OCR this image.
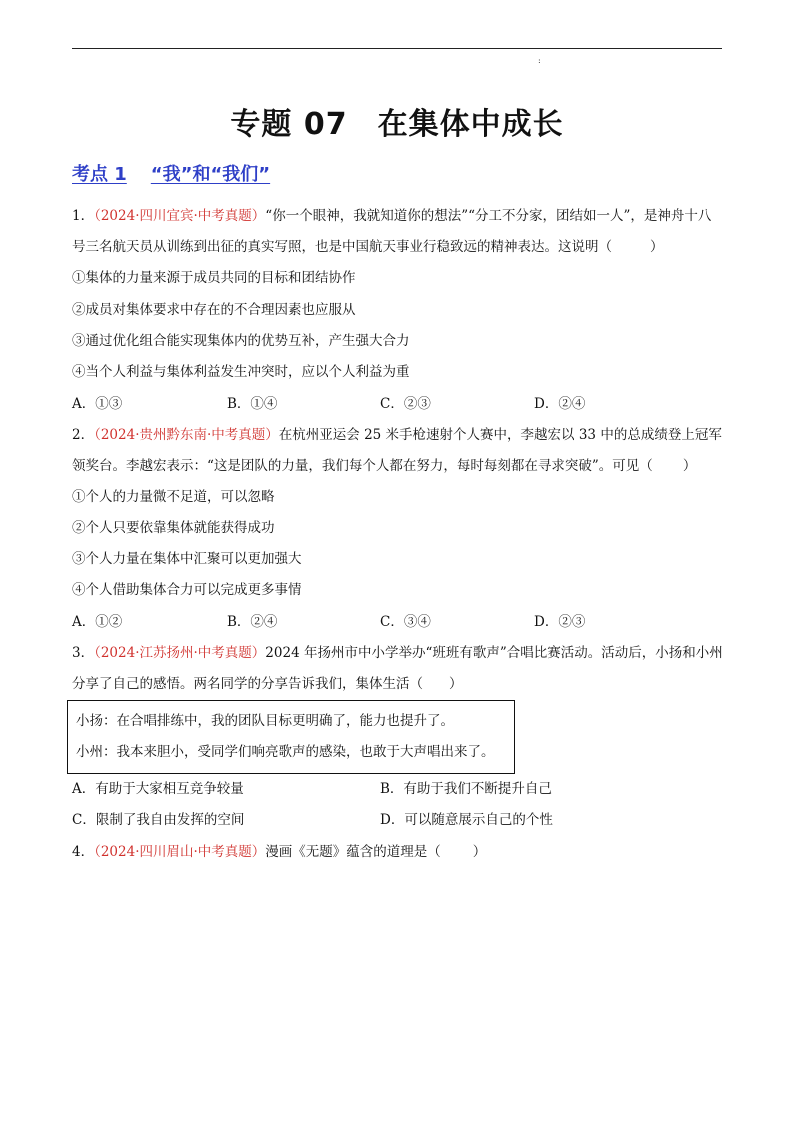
:
专题 07 在集体中成长
考点 1 “我”和“我们”
1．（2024·四川宜宾·中考真题）“你一个眼神，我就知道你的想法”“分工不分家，团结如一人”，是神舟十八
号三名航天员从训练到出征的真实写照，也是中国航天事业行稳致远的精神表达。这说明（	）
①集体的力量来源于成员共同的目标和团结协作
②成员对集体要求中存在的不合理因素也应服从
③通过优化组合能实现集体内的优势互补，产生强大合力
④当个人利益与集体利益发生冲突时，应以个人利益为重
A．①③	B．①④	C．②③	D．②④
2．（2024·贵州黔东南·中考真题）在杭州亚运会 25 米手枪速射个人赛中，李越宏以 33 中的总成绩登上冠军
领奖台。李越宏表示：“这是团队的力量，我们每个人都在努力，每时每刻都在寻求突破”。可见（ ）
①个人的力量微不足道，可以忽略
②个人只要依靠集体就能获得成功
③个人力量在集体中汇聚可以更加强大
④个人借助集体合力可以完成更多事情
A．①②	B．②④	C．③④	D．②③
3．（2024·江苏扬州·中考真题）2024 年扬州市中小学举办“班班有歌声”合唱比赛活动。活动后，小扬和小州
分享了自己的感悟。两名同学的分享告诉我们，集体生活（ ）
小扬：在合唱排练中，我的团队目标更明确了，能力也提升了。
小州：我本来胆小，受同学们响亮歌声的感染，也敢于大声唱出来了。
A．有助于大家相互竞争较量	B．有助于我们不断提升自己
C．限制了我自由发挥的空间	D．可以随意展示自己的个性
4．（2024·四川眉山·中考真题）漫画《无题》蕴含的道理是（ ）
